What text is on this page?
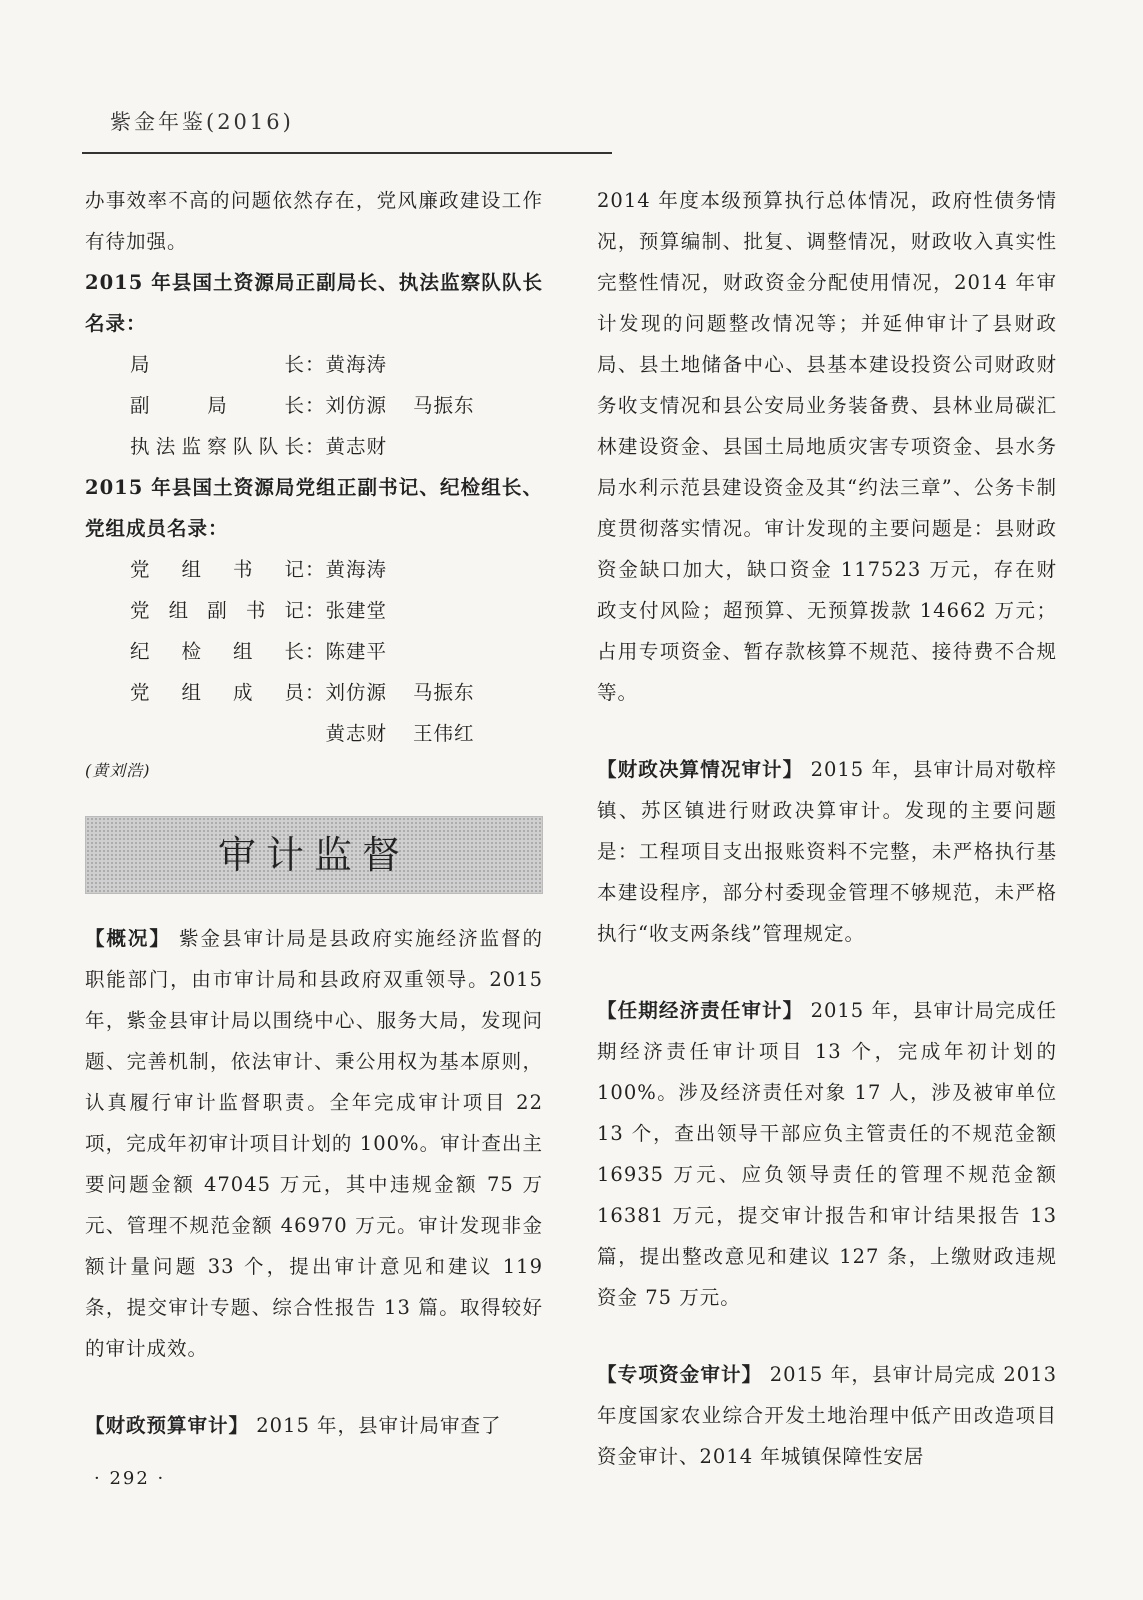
紫金年鉴(2016)

办事效率不高的问题依然存在，党风廉政建设工作有待加强。

2015 年县国土资源局正副局长、执法监察队队长名录：

局长 ： 黄海涛
副局长 ： 刘仿源 马振东
执法监察队队长 ： 黄志财

2015 年县国土资源局党组正副书记、纪检组长、党组成员名录：

党组书记 ： 黄海涛
党组副书记 ： 张建堂
纪检组长 ： 陈建平
党组成员 ： 刘仿源 马振东
黄志财 王伟红

(黄刘浩)

审计监督

【概况】 紫金县审计局是县政府实施经济监督的职能部门，由市审计局和县政府双重领导。2015 年，紫金县审计局以围绕中心、服务大局，发现问题、完善机制，依法审计、秉公用权为基本原则，认真履行审计监督职责。全年完成审计项目 22 项，完成年初审计项目计划的 100%。审计查出主要问题金额 47045 万元，其中违规金额 75 万元、管理不规范金额 46970 万元。审计发现非金额计量问题 33 个，提出审计意见和建议 119 条，提交审计专题、综合性报告 13 篇。取得较好的审计成效。

【财政预算审计】 2015 年，县审计局审查了

2014 年度本级预算执行总体情况，政府性债务情况，预算编制、批复、调整情况，财政收入真实性完整性情况，财政资金分配使用情况，2014 年审计发现的问题整改情况等；并延伸审计了县财政局、县土地储备中心、县基本建设投资公司财政财务收支情况和县公安局业务装备费、县林业局碳汇林建设资金、县国土局地质灾害专项资金、县水务局水利示范县建设资金及其“约法三章”、公务卡制度贯彻落实情况。审计发现的主要问题是：县财政资金缺口加大，缺口资金 117523 万元，存在财政支付风险；超预算、无预算拨款 14662 万元；占用专项资金、暂存款核算不规范、接待费不合规等。

【财政决算情况审计】 2015 年，县审计局对敬梓镇、苏区镇进行财政决算审计。发现的主要问题是：工程项目支出报账资料不完整，未严格执行基本建设程序，部分村委现金管理不够规范，未严格执行“收支两条线”管理规定。

【任期经济责任审计】 2015 年，县审计局完成任期经济责任审计项目 13 个，完成年初计划的 100%。涉及经济责任对象 17 人，涉及被审单位 13 个，查出领导干部应负主管责任的不规范金额 16935 万元、应负领导责任的管理不规范金额 16381 万元，提交审计报告和审计结果报告 13 篇，提出整改意见和建议 127 条，上缴财政违规资金 75 万元。

【专项资金审计】 2015 年，县审计局完成 2013 年度国家农业综合开发土地治理中低产田改造项目资金审计、2014 年城镇保障性安居

· 292 ·
